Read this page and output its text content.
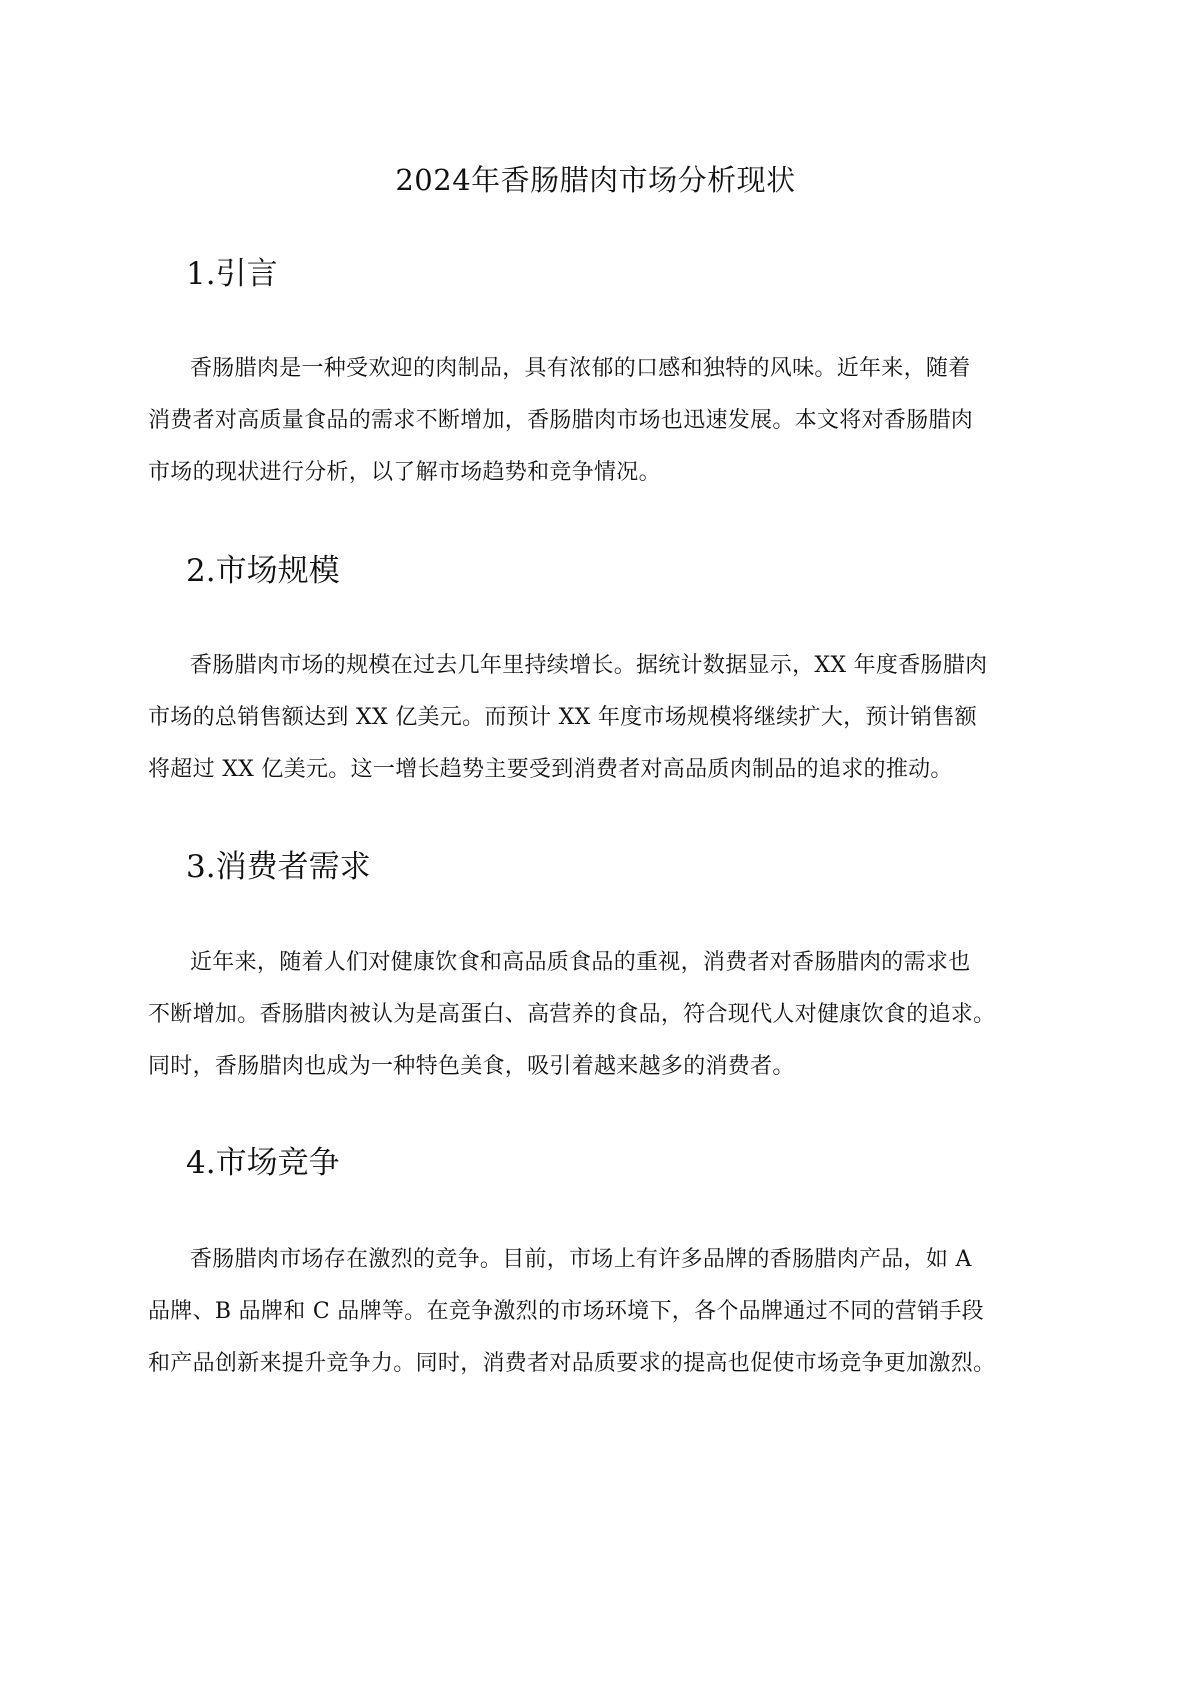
2024年香肠腊肉市场分析现状
1.引言
香肠腊肉是一种受欢迎的肉制品，具有浓郁的口感和独特的风味。近年来，随着
消费者对高质量食品的需求不断增加，香肠腊肉市场也迅速发展。本文将对香肠腊肉
市场的现状进行分析，以了解市场趋势和竞争情况。
2.市场规模
香肠腊肉市场的规模在过去几年里持续增长。据统计数据显示，XX 年度香肠腊肉
市场的总销售额达到 XX 亿美元。而预计 XX 年度市场规模将继续扩大，预计销售额
将超过 XX 亿美元。这一增长趋势主要受到消费者对高品质肉制品的追求的推动。
3.消费者需求
近年来，随着人们对健康饮食和高品质食品的重视，消费者对香肠腊肉的需求也
不断增加。香肠腊肉被认为是高蛋白、高营养的食品，符合现代人对健康饮食的追求。
同时，香肠腊肉也成为一种特色美食，吸引着越来越多的消费者。
4.市场竞争
香肠腊肉市场存在激烈的竞争。目前，市场上有许多品牌的香肠腊肉产品，如 A
品牌、B 品牌和 C 品牌等。在竞争激烈的市场环境下，各个品牌通过不同的营销手段
和产品创新来提升竞争力。同时，消费者对品质要求的提高也促使市场竞争更加激烈。
